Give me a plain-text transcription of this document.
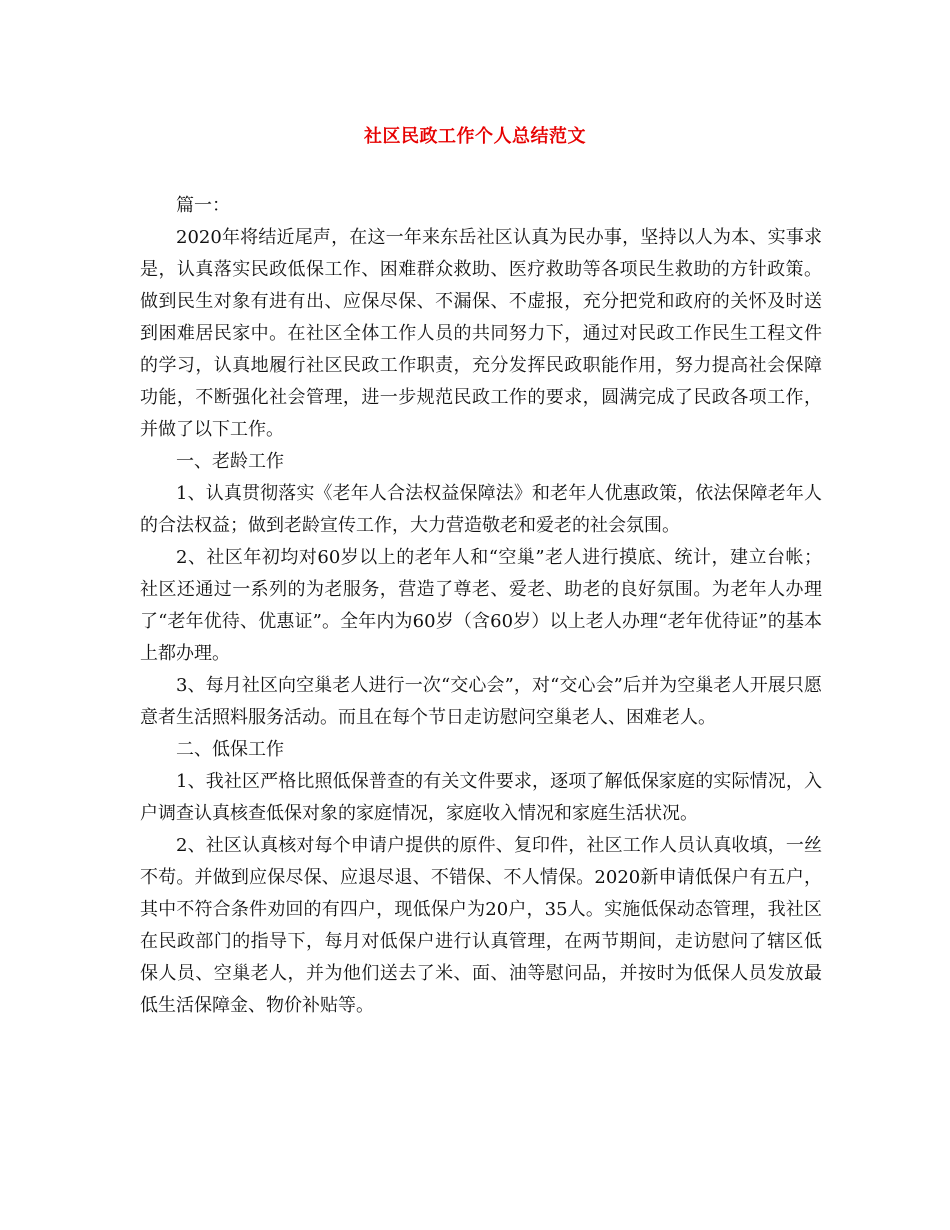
社区民政工作个人总结范文

篇一：

2020年将结近尾声，在这一年来东岳社区认真为民办事，坚持以人为本、实事求是，认真落实民政低保工作、困难群众救助、医疗救助等各项民生救助的方针政策。做到民生对象有进有出、应保尽保、不漏保、不虚报，充分把党和政府的关怀及时送到困难居民家中。在社区全体工作人员的共同努力下，通过对民政工作民生工程文件的学习，认真地履行社区民政工作职责，充分发挥民政职能作用，努力提高社会保障功能，不断强化社会管理，进一步规范民政工作的要求，圆满完成了民政各项工作，并做了以下工作。

一、老龄工作

1、认真贯彻落实《老年人合法权益保障法》和老年人优惠政策，依法保障老年人的合法权益；做到老龄宣传工作，大力营造敬老和爱老的社会氛围。

2、社区年初均对60岁以上的老年人和“空巢”老人进行摸底、统计，建立台帐；社区还通过一系列的为老服务，营造了尊老、爱老、助老的良好氛围。为老年人办理了“老年优待、优惠证”。全年内为60岁（含60岁）以上老人办理“老年优待证”的基本上都办理。

3、每月社区向空巢老人进行一次“交心会”，对“交心会”后并为空巢老人开展只愿意者生活照料服务活动。而且在每个节日走访慰问空巢老人、困难老人。

二、低保工作

1、我社区严格比照低保普查的有关文件要求，逐项了解低保家庭的实际情况，入户调查认真核查低保对象的家庭情况，家庭收入情况和家庭生活状况。

2、社区认真核对每个申请户提供的原件、复印件，社区工作人员认真收填，一丝不苟。并做到应保尽保、应退尽退、不错保、不人情保。2020新申请低保户有五户，其中不符合条件劝回的有四户，现低保户为20户，35人。实施低保动态管理，我社区在民政部门的指导下，每月对低保户进行认真管理，在两节期间，走访慰问了辖区低保人员、空巢老人，并为他们送去了米、面、油等慰问品，并按时为低保人员发放最低生活保障金、物价补贴等。
